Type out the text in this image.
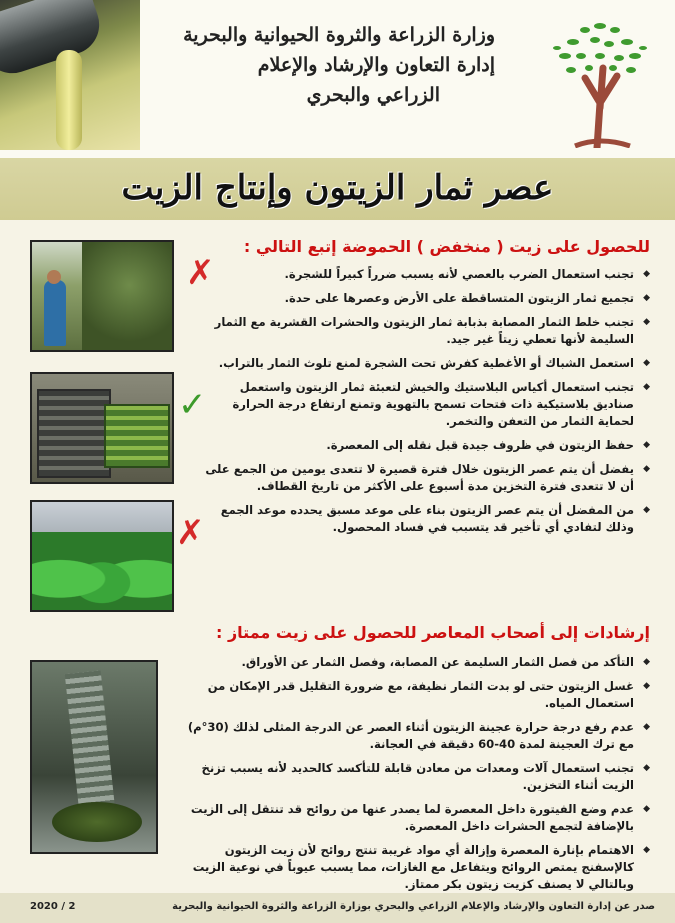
وزارة الزراعة والثروة الحيوانية والبحرية
إدارة التعاون والإرشاد والإعلام
الزراعي والبحري
عصر ثمار الزيتون وإنتاج الزيت
✗
✓
✗
للحصول على زيت ( منخفض ) الحموضة إتبع التالي :
◆ تجنب استعمال الضرب بالعصي لأنه يسبب ضرراً كبيراً للشجرة.
◆ تجميع ثمار الزيتون المتساقطة على الأرض وعصرها على حدة.
◆ تجنب خلط الثمار المصابة بذبابة ثمار الزيتون والحشرات القشرية مع الثمار السليمة لأنها تعطي زيتاً غير جيد.
◆ استعمل الشباك أو الأغطية كفرش تحت الشجرة لمنع تلوث الثمار بالتراب.
◆ تجنب استعمال أكياس البلاستيك والخيش لتعبئة ثمار الزيتون واستعمل صناديق بلاستيكية ذات فتحات تسمح بالتهوية وتمنع ارتفاع درجة الحرارة لحماية الثمار من التعفن والتخمر.
◆ حفظ الزيتون في ظروف جيدة قبل نقله إلى المعصرة.
◆ يفضل أن يتم عصر الزيتون خلال فترة قصيرة لا تتعدى يومين من الجمع على أن لا تتعدى فترة التخزين مدة أسبوع على الأكثر من تاريخ القطاف.
◆ من المفضل أن يتم عصر الزيتون بناء على موعد مسبق يحدده موعد الجمع وذلك لتفادي أي تأخير قد يتسبب في فساد المحصول.
إرشادات إلى أصحاب المعاصر للحصول على زيت ممتاز :
◆ التأكد من فصل الثمار السليمة عن المصابة، وفصل الثمار عن الأوراق.
◆ غسل الزيتون حتى لو بدت الثمار نظيفة، مع ضرورة التقليل قدر الإمكان من استعمال المياه.
◆ عدم رفع درجة حرارة عجينة الزيتون أثناء العصر عن الدرجة المثلى لذلك (30°م) مع ترك العجينة لمدة 40-60 دقيقة في العجانة.
◆ تجنب استعمال آلات ومعدات من معادن قابلة للتأكسد كالحديد لأنه يسبب تزنخ الزيت أثناء التخزين.
◆ عدم وضع الفيتورة داخل المعصرة لما يصدر عنها من روائح قد تنتقل إلى الزيت بالإضافة لتجمع الحشرات داخل المعصرة.
◆ الاهتمام بإنارة المعصرة وإزالة أي مواد غريبة تنتج روائح لأن زيت الزيتون كالإسفنج يمتص الروائح ويتفاعل مع الغازات، مما يسبب عيوباً في نوعية الزيت وبالتالي لا يصنف كزيت زيتون بكر ممتاز.
صدر عن إدارة التعاون والإرشاد والإعلام الزراعي والبحري بوزارة الزراعة والثروة الحيوانية والبحرية
2020 / 2
